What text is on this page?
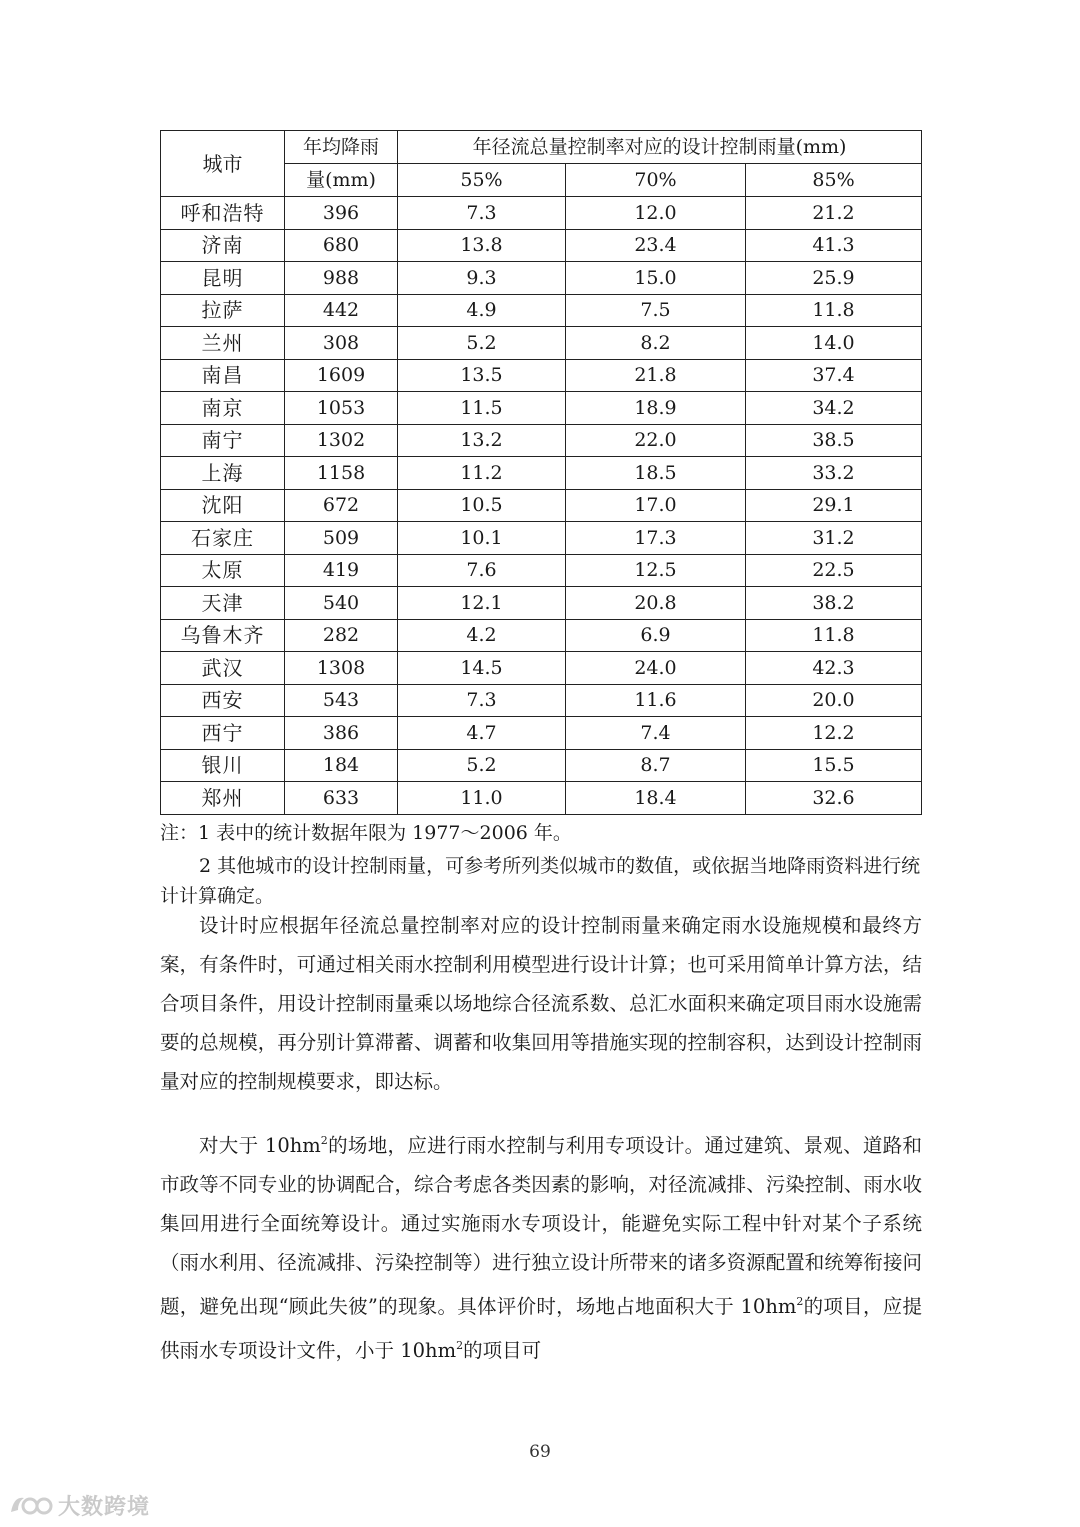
城市	年均降雨	年径流总量控制率对应的设计控制雨量(mm)		
	量(mm)	55%	70%	85%
呼和浩特	396	7.3	12.0	21.2
济南	680	13.8	23.4	41.3
昆明	988	9.3	15.0	25.9
拉萨	442	4.9	7.5	11.8
兰州	308	5.2	8.2	14.0
南昌	1609	13.5	21.8	37.4
南京	1053	11.5	18.9	34.2
南宁	1302	13.2	22.0	38.5
上海	1158	11.2	18.5	33.2
沈阳	672	10.5	17.0	29.1
石家庄	509	10.1	17.3	31.2
太原	419	7.6	12.5	22.5
天津	540	12.1	20.8	38.2
乌鲁木齐	282	4.2	6.9	11.8
武汉	1308	14.5	24.0	42.3
西安	543	7.3	11.6	20.0
西宁	386	4.7	7.4	12.2
银川	184	5.2	8.7	15.5
郑州	633	11.0	18.4	32.6

注：1 表中的统计数据年限为 1977～2006 年。

2 其他城市的设计控制雨量，可参考所列类似城市的数值，或依据当地降雨资料进行统计计算确定。

设计时应根据年径流总量控制率对应的设计控制雨量来确定雨水设施规模和最终方案，有条件时，可通过相关雨水控制利用模型进行设计计算；也可采用简单计算方法，结合项目条件，用设计控制雨量乘以场地综合径流系数、总汇水面积来确定项目雨水设施需要的总规模，再分别计算滞蓄、调蓄和收集回用等措施实现的控制容积，达到设计控制雨量对应的控制规模要求，即达标。

对大于 $10hm^2$的场地，应进行雨水控制与利用专项设计。通过建筑、景观、道路和市政等不同专业的协调配合，综合考虑各类因素的影响，对径流减排、污染控制、雨水收集回用进行全面统筹设计。通过实施雨水专项设计，能避免实际工程中针对某个子系统（雨水利用、径流减排、污染控制等）进行独立设计所带来的诸多资源配置和统筹衔接问题，避免出现“顾此失彼”的现象。具体评价时，场地占地面积大于 $10hm^2$的项目，应提供雨水专项设计文件，小于 $10hm^2$的项目可

69
大数跨境
